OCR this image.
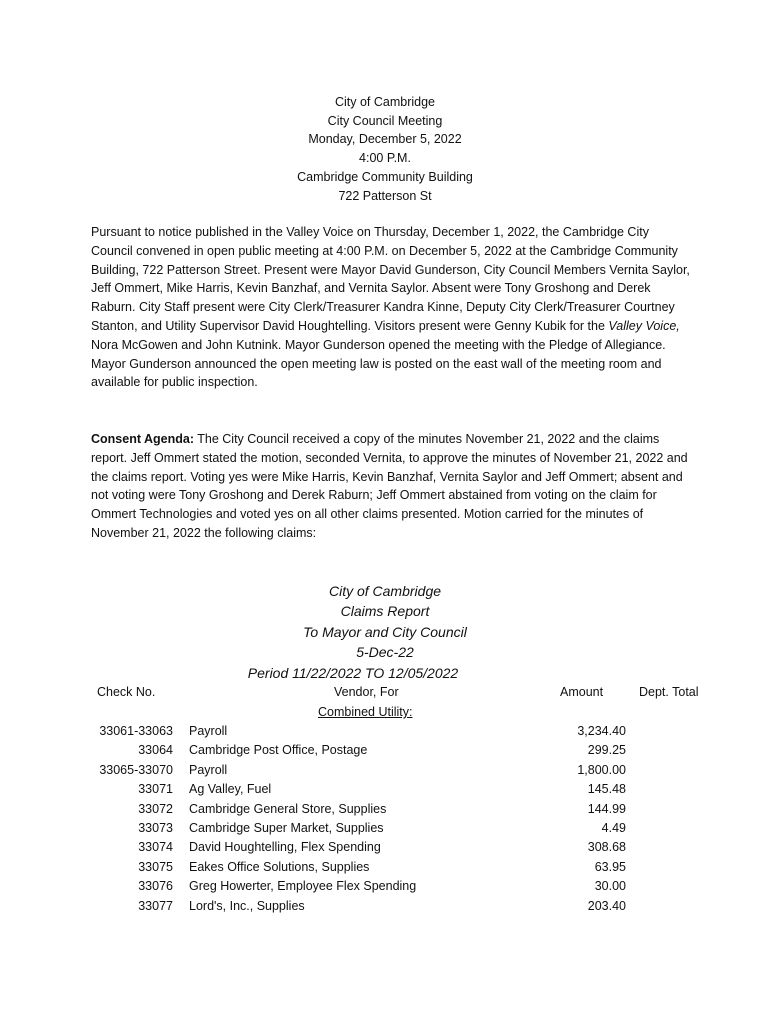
City of Cambridge
City Council Meeting
Monday, December 5, 2022
4:00 P.M.
Cambridge Community Building
722 Patterson St

Pursuant to notice published in the Valley Voice on Thursday, December 1, 2022, the Cambridge City Council convened in open public meeting at 4:00 P.M. on December 5, 2022 at the Cambridge Community Building, 722 Patterson Street. Present were Mayor David Gunderson, City Council Members Vernita Saylor, Jeff Ommert, Mike Harris, Kevin Banzhaf, and Vernita Saylor. Absent were Tony Groshong and Derek Raburn. City Staff present were City Clerk/Treasurer Kandra Kinne, Deputy City Clerk/Treasurer Courtney Stanton, and Utility Supervisor David Houghtelling. Visitors present were Genny Kubik for the Valley Voice, Nora McGowen and John Kutnink. Mayor Gunderson opened the meeting with the Pledge of Allegiance. Mayor Gunderson announced the open meeting law is posted on the east wall of the meeting room and available for public inspection.

Consent Agenda: The City Council received a copy of the minutes November 21, 2022 and the claims report. Jeff Ommert stated the motion, seconded Vernita, to approve the minutes of November 21, 2022 and the claims report. Voting yes were Mike Harris, Kevin Banzhaf, Vernita Saylor and Jeff Ommert; absent and not voting were Tony Groshong and Derek Raburn; Jeff Ommert abstained from voting on the claim for Ommert Technologies and voted yes on all other claims presented. Motion carried for the minutes of November 21, 2022 the following claims:

City of Cambridge
Claims Report
To Mayor and City Council
5-Dec-22
Period 11/22/2022 TO 12/05/2022
Check No.	Vendor, For	Amount	Dept. Total
Combined Utility:
33061-33063 Payroll	3,234.40
33064 Cambridge Post Office, Postage	299.25
33065-33070 Payroll	1,800.00
33071 Ag Valley, Fuel	145.48
33072 Cambridge General Store, Supplies	144.99
33073 Cambridge Super Market, Supplies	4.49
33074 David Houghtelling, Flex Spending	308.68
33075 Eakes Office Solutions, Supplies	63.95
33076 Greg Howerter, Employee Flex Spending	30.00
33077 Lord's, Inc., Supplies	203.40
